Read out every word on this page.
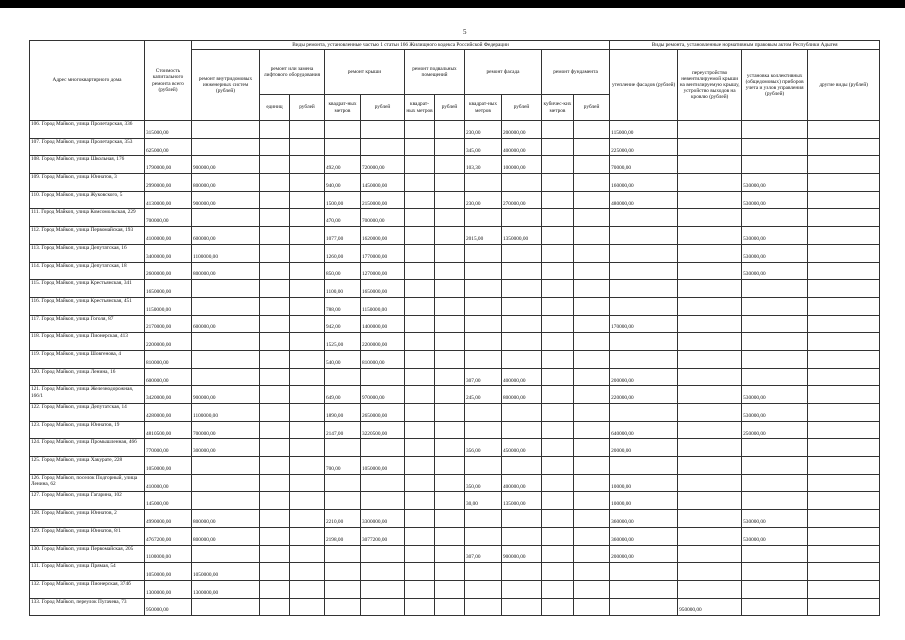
5
Адрес многоквартирного дома	Стоимость капитального ремонта всего (рублей)	Виды ремонта, установленные частью 1 статьи 166 Жилищного кодекса Российской Федерации											Виды ремонта, установленные нормативным правовым актом Республики Адыгея			
		ремонт внутридомовых инженерных систем (рублей)	ремонт или замена лифтового оборудования		ремонт крыши		ремонт подвальных помещений		ремонт фасада		ремонт фундамента		утепление фасадов (рублей)	переустройство невентилируемой крыши на вентилируемую крышу, устройство выходов на кровлю (рублей)	установка коллективных (общедомовых) приборов учета и узлов управления (рублей)	другие виды (рублей)
			единиц	рублей	квадрат-ных метров	рублей	квадрат-ных метров	рублей	квадрат-ных метров	рублей	кубичес-ких метров	рублей				
106. Город Майкоп, улица Пролетарская, 336	315000,00								230,00	200000,00			115000,00			
107. Город Майкоп, улица Пролетарская, 353	625000,00								345,00	400000,00			225000,00			
108. Город Майкоп, улица Школьная, 176	1790000,00	900000,00			492,00	720000,00			103,30	100000,00			70000,00			
109. Город Майкоп, улица Юннатов, 3	2990000,00	800000,00			940,00	1450000,00							160000,00		530000,00	
110. Город Майкоп, улица Жуковского, 5	4130000,00	900000,00			1500,00	2150000,00			230,00	270000,00			480000,00		530000,00	
111. Город Майкоп, улица Комсомольская, 229	700000,00				470,00	700000,00										
112. Город Майкоп, улица Первомайская, 193	4100000,00	600000,00			1077,00	1620000,00			2015,00	1350000,00					530000,00	
113. Город Майкоп, улица Депутатская, 16	3400000,00	1100000,00			1260,00	1770000,00									530000,00	
114. Город Майкоп, улица Депутатская, 18	2600000,00	800000,00			850,00	1270000,00									530000,00	
115. Город Майкоп, улица Крестьянская, 341	1650000,00				1100,00	1650000,00										
116. Город Майкоп, улица Крестьянская, 451	1150000,00				788,00	1150000,00										
117. Город Майкоп, улица Гоголя, 87	2170000,00	600000,00			942,00	1400000,00							170000,00			
118. Город Майкоп, улица Пионерская, 413	2200000,00				1525,00	2200000,00										
119. Город Майкоп, улица Шовгенова, 4	810000,00				540,00	810000,00										
120. Город Майкоп, улица Ленина, 16	600000,00								307,00	400000,00			200000,00			
121. Город Майкоп, улица Железнодорожная, 166/1	3420000,00	900000,00			649,00	970000,00			245,00	800000,00			220000,00		530000,00	
122. Город Майкоп, улица Депутатская, 14	4280000,00	1100000,00			1890,00	2650000,00									530000,00	
123. Город Майкоп, улица Юннатов, 19	4810500,00	700000,00			2147,00	3220500,00							640000,00		250000,00	
124. Город Майкоп, улица Промышленная, 466	770000,00	300000,00							356,00	450000,00			20000,00			
125. Город Майкоп, улица Хакурате, 228	1050000,00				700,00	1050000,00										
126. Город Майкоп, поселок Подгорный, улица Ленина, 62	410000,00								350,00	400000,00			10000,00			
127. Город Майкоп, улица Гагарина, 102	145000,00								30,00	135000,00			10000,00			
128. Город Майкоп, улица Юннатов, 2	4990000,00	800000,00			2210,00	3300000,00							360000,00		530000,00	
129. Город Майкоп, улица Юннатов, 8/1	4767200,00	800000,00			2198,00	3077200,00							360000,00		530000,00	
130. Город Майкоп, улица Первомайская, 205	1100000,00								307,00	900000,00			200000,00			
131. Город Майкоп, улица Прямая, 54	1050000,00	1050000,00														
132. Город Майкоп, улица Пионерская, 374б	1300000,00	1300000,00														
133. Город Майкоп, переулок Пугачева, 73	950000,00													950000,00		
